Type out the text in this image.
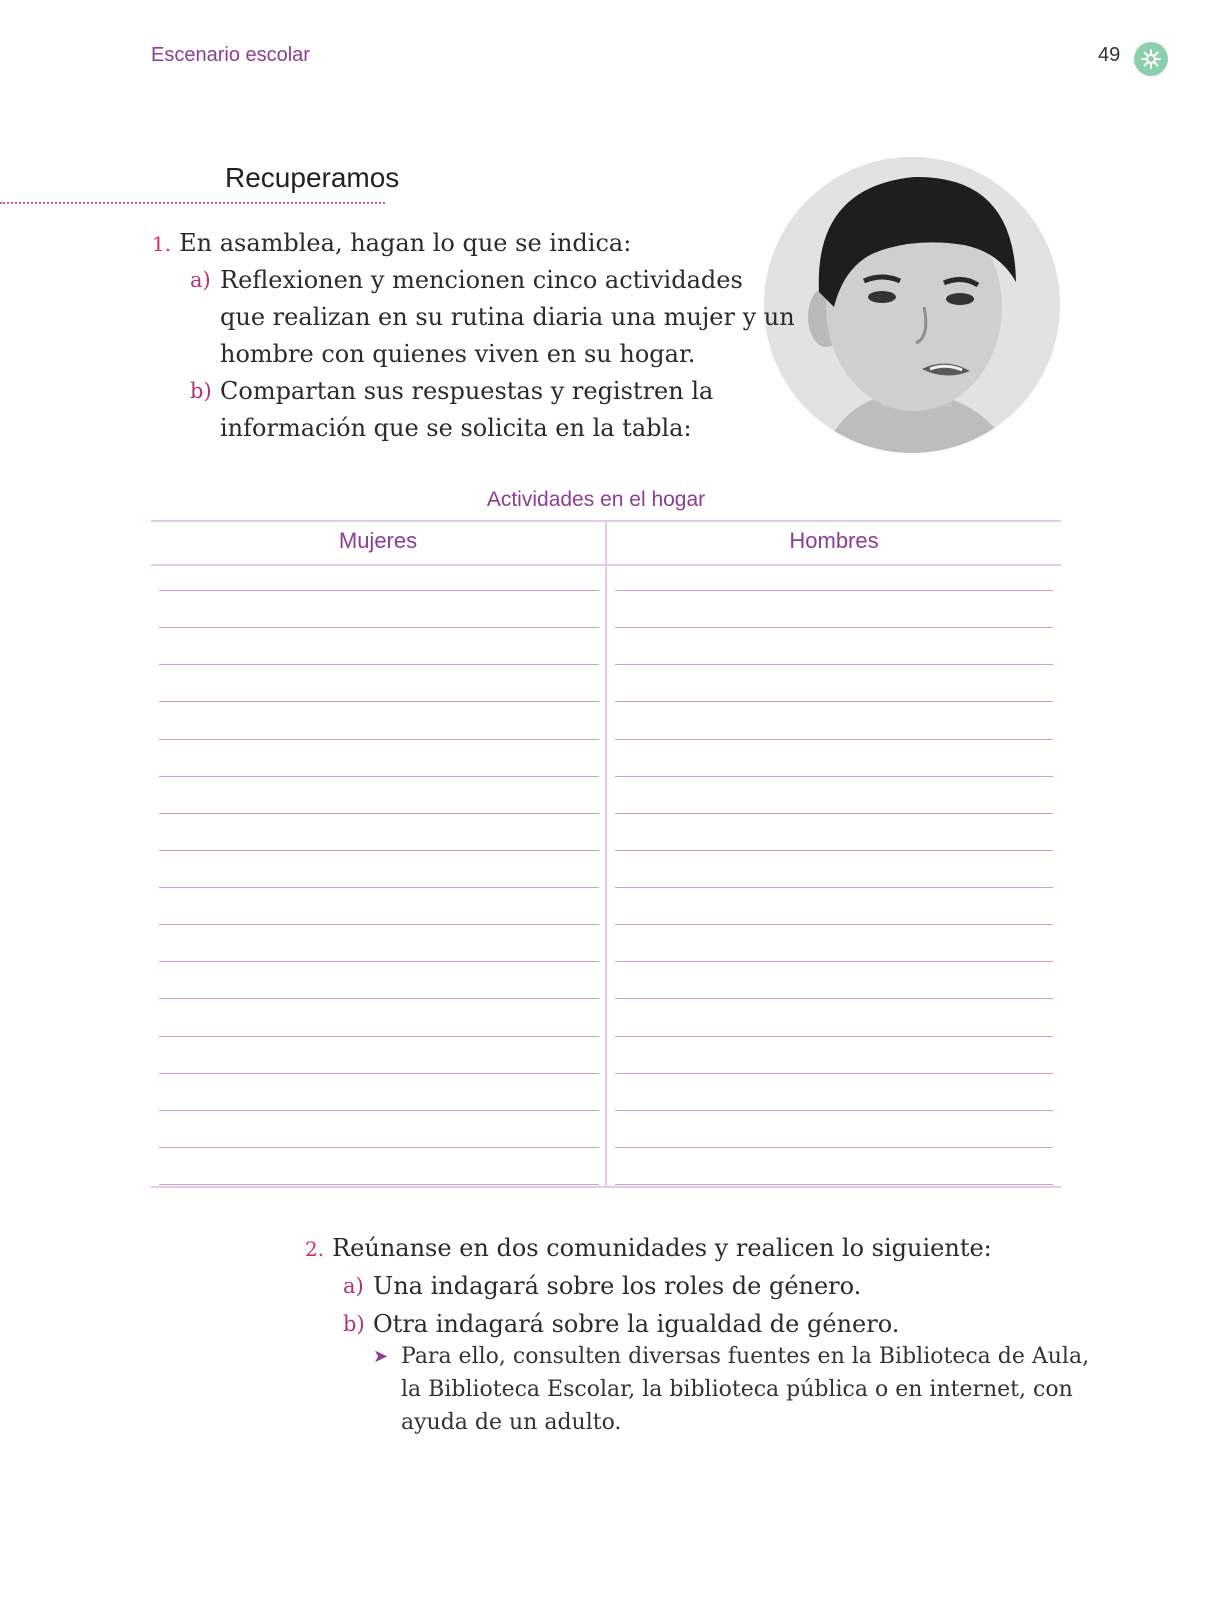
Escenario escolar	49
Recuperamos
1. En asamblea, hagan lo que se indica:
a) Reflexionen y mencionen cinco actividades
que realizan en su rutina diaria una mujer y un
hombre con quienes viven en su hogar.
b) Compartan sus respuestas y registren la
información que se solicita en la tabla:
Actividades en el hogar
Mujeres	Hombres
2. Reúnanse en dos comunidades y realicen lo siguiente:
a) Una indagará sobre los roles de género.
b) Otra indagará sobre la igualdad de género.
➤ Para ello, consulten diversas fuentes en la Biblioteca de Aula,
la Biblioteca Escolar, la biblioteca pública o en internet, con
ayuda de un adulto.
